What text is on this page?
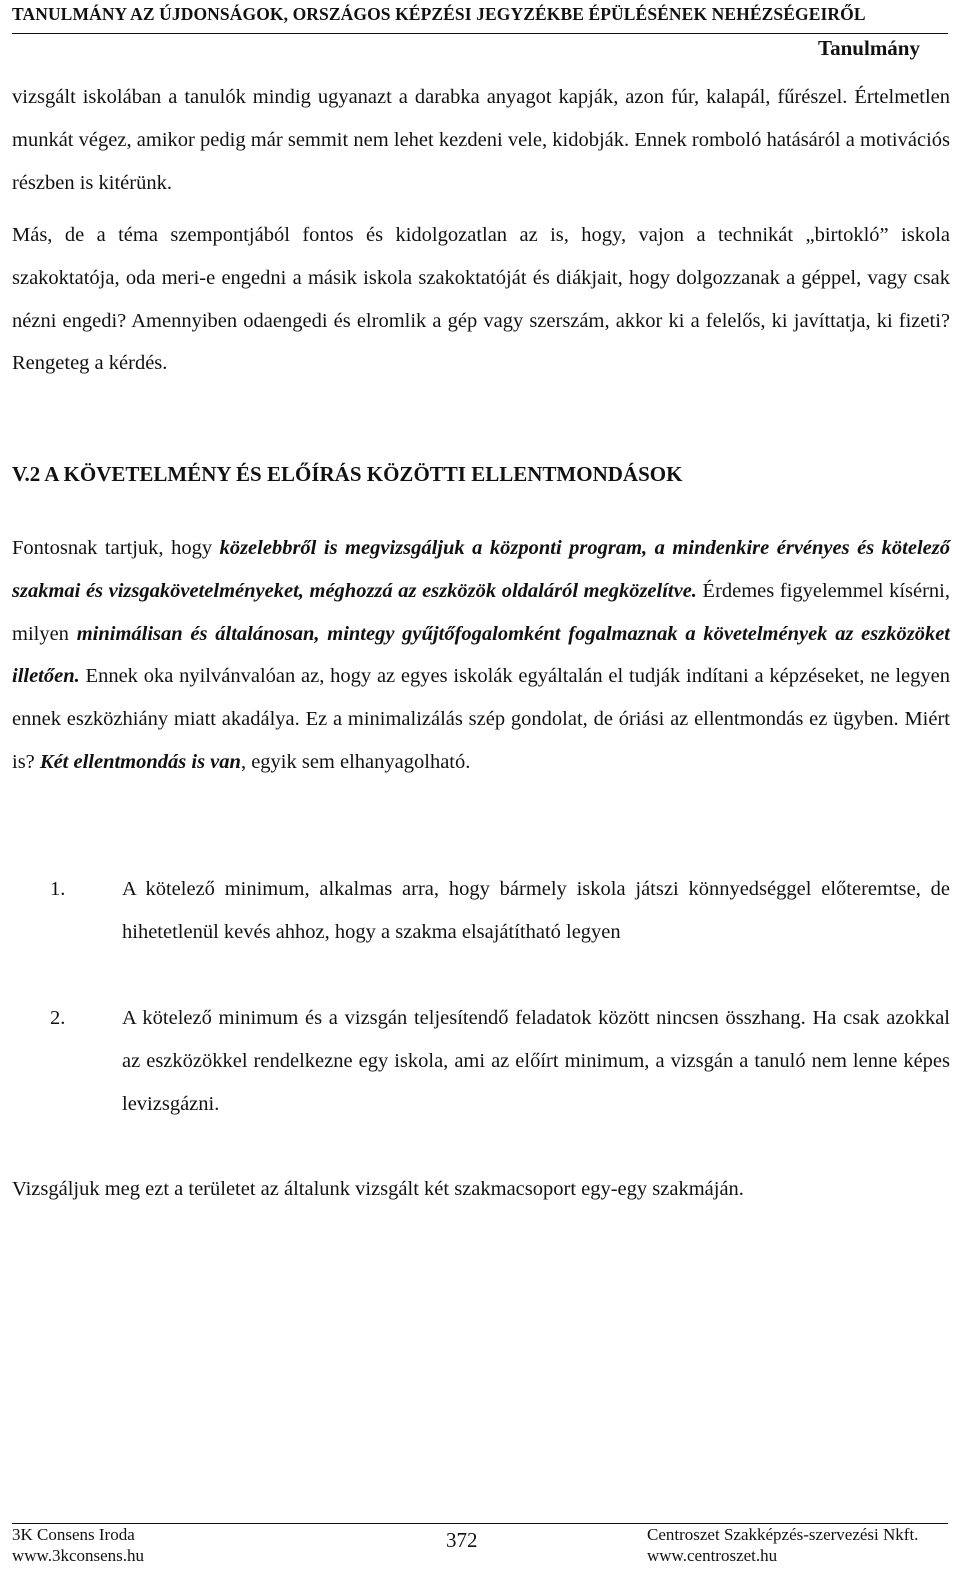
TANULMÁNY AZ ÚJDONSÁGOK, ORSZÁGOS KÉPZÉSI JEGYZÉKBE ÉPÜLÉSÉNEK NEHÉZSÉGEIRŐL
Tanulmány
vizsgált iskolában a tanulók mindig ugyanazt a darabka anyagot kapják, azon fúr, kalapál, fűrészel. Értelmetlen munkát végez, amikor pedig már semmit nem lehet kezdeni vele, kidobják. Ennek romboló hatásáról a motivációs részben is kitérünk.
Más, de a téma szempontjából fontos és kidolgozatlan az is, hogy, vajon a technikát „birtokló” iskola szakoktatója, oda meri-e engedni a másik iskola szakoktatóját és diákjait, hogy dolgozzanak a géppel, vagy csak nézni engedi? Amennyiben odaengedi és elromlik a gép vagy szerszám, akkor ki a felelős, ki javíttatja, ki fizeti? Rengeteg a kérdés.
V.2 A KÖVETELMÉNY ÉS ELŐÍRÁS KÖZÖTTI ELLENTMONDÁSOK
Fontosnak tartjuk, hogy közelebbről is megvizsgáljuk a központi program, a mindenkire érvényes és kötelező szakmai és vizsgakövetelményeket, méghozzá az eszközök oldaláról megközelítve. Érdemes figyelemmel kísérni, milyen minimálisan és általánosan, mintegy gyűjtőfogalomként fogalmaznak a követelmények az eszközöket illetően. Ennek oka nyilvánvalóan az, hogy az egyes iskolák egyáltalán el tudják indítani a képzéseket, ne legyen ennek eszközhiány miatt akadálya. Ez a minimalizálás szép gondolat, de óriási az ellentmondás ez ügyben. Miért is? Két ellentmondás is van, egyik sem elhanyagolható.
1.	A kötelező minimum, alkalmas arra, hogy bármely iskola játszi könnyedséggel előteremtse, de hihetetlenül kevés ahhoz, hogy a szakma elsajátítható legyen
2.	A kötelező minimum és a vizsgán teljesítendő feladatok között nincsen összhang. Ha csak azokkal az eszközökkel rendelkezne egy iskola, ami az előírt minimum, a vizsgán a tanuló nem lenne képes levizsgázni.
Vizsgáljuk meg ezt a területet az általunk vizsgált két szakmacsoport egy-egy szakmáján.
3K Consens Iroda
www.3kconsens.hu
372	Centroszet Szakképzés-szervezési Nkft.
www.centroszet.hu
